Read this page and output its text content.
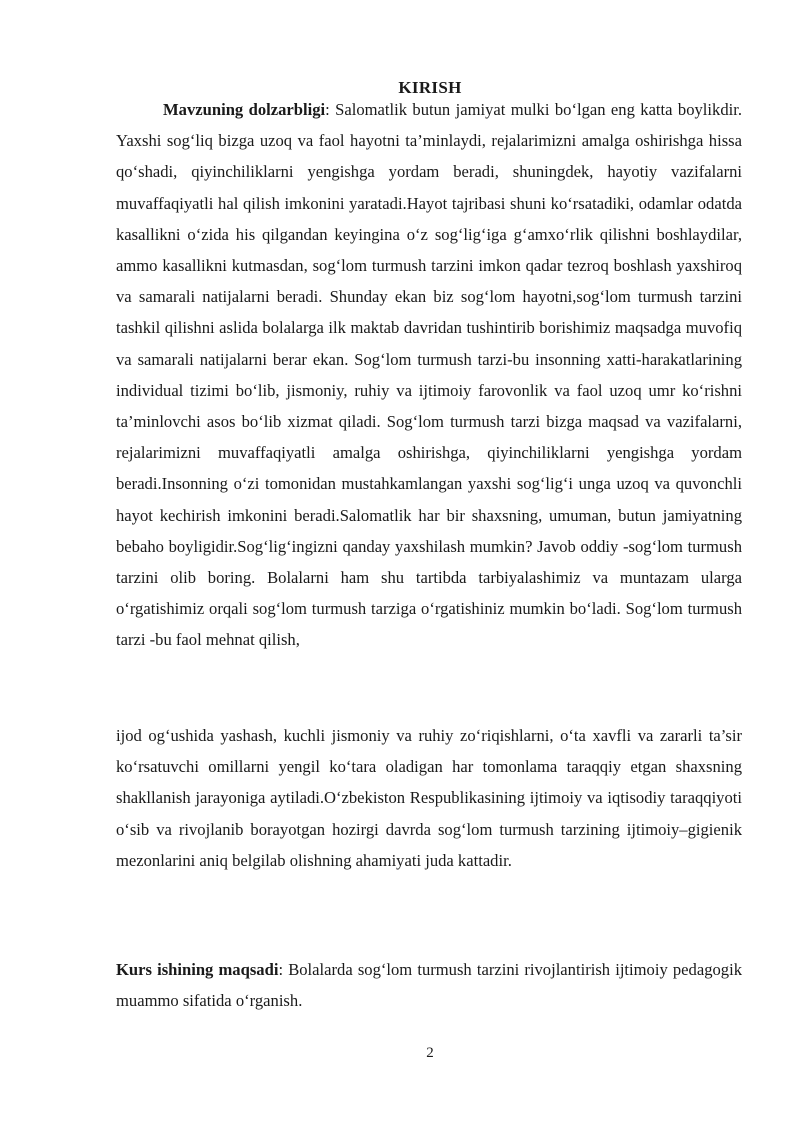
KIRISH
Mavzuning dolzarbligi: Salomatlik butun jamiyat mulki bo‘lgan eng katta boylikdir. Yaxshi sog‘liq bizga uzoq va faol hayotni ta’minlaydi, rejalarimizni amalga oshirishga hissa qo‘shadi, qiyinchiliklarni yengishga yordam beradi, shuningdek, hayotiy vazifalarni muvaffaqiyatli hal qilish imkonini yaratadi.Hayot tajribasi shuni ko‘rsatadiki, odamlar odatda kasallikni o‘zida his qilgandan keyingina o‘z sog‘lig‘iga g‘amxo‘rlik qilishni boshlaydilar, ammo kasallikni kutmasdan, sog‘lom turmush tarzini imkon qadar tezroq boshlash yaxshiroq va samarali natijalarni beradi. Shunday ekan biz sog‘lom hayotni,sog‘lom turmush tarzini tashkil qilishni aslida bolalarga ilk maktab davridan tushintirib borishimiz maqsadga muvofiq va samarali natijalarni berar ekan. Sog‘lom turmush tarzi-bu insonning xatti-harakatlarining individual tizimi bo‘lib, jismoniy, ruhiy va ijtimoiy farovonlik va faol uzoq umr ko‘rishni ta’minlovchi asos bo‘lib xizmat qiladi. Sog‘lom turmush tarzi bizga maqsad va vazifalarni, rejalarimizni muvaffaqiyatli amalga oshirishga, qiyinchiliklarni yengishga yordam beradi.Insonning o‘zi tomonidan mustahkamlangan yaxshi sog‘lig‘i unga uzoq va quvonchli hayot kechirish imkonini beradi.Salomatlik har bir shaxsning, umuman, butun jamiyatning bebaho boyligidir.Sog‘lig‘ingizni qanday yaxshilash mumkin? Javob oddiy -sog‘lom turmush tarzini olib boring. Bolalarni ham shu tartibda tarbiyalashimiz va muntazam ularga o‘rgatishimiz orqali sog‘lom turmush tarziga o‘rgatishiniz mumkin bo‘ladi. Sog‘lom turmush tarzi -bu faol mehnat qilish,
ijod og‘ushida yashash, kuchli jismoniy va ruhiy zo‘riqishlarni, o‘ta xavfli va zararli ta’sir ko‘rsatuvchi omillarni yengil ko‘tara oladigan har tomonlama taraqqiy etgan shaxsning shakllanish jarayoniga aytiladi.O‘zbekiston Respublikasining ijtimoiy va iqtisodiy taraqqiyoti o‘sib va rivojlanib borayotgan hozirgi davrda sog‘lom turmush tarzining ijtimoiy–gigienik mezonlarini aniq belgilab olishning ahamiyati juda kattadir.
Kurs ishining maqsadi: Bolalarda sog‘lom turmush tarzini rivojlantirish ijtimoiy pedagogik muammo sifatida o‘rganish.
2
